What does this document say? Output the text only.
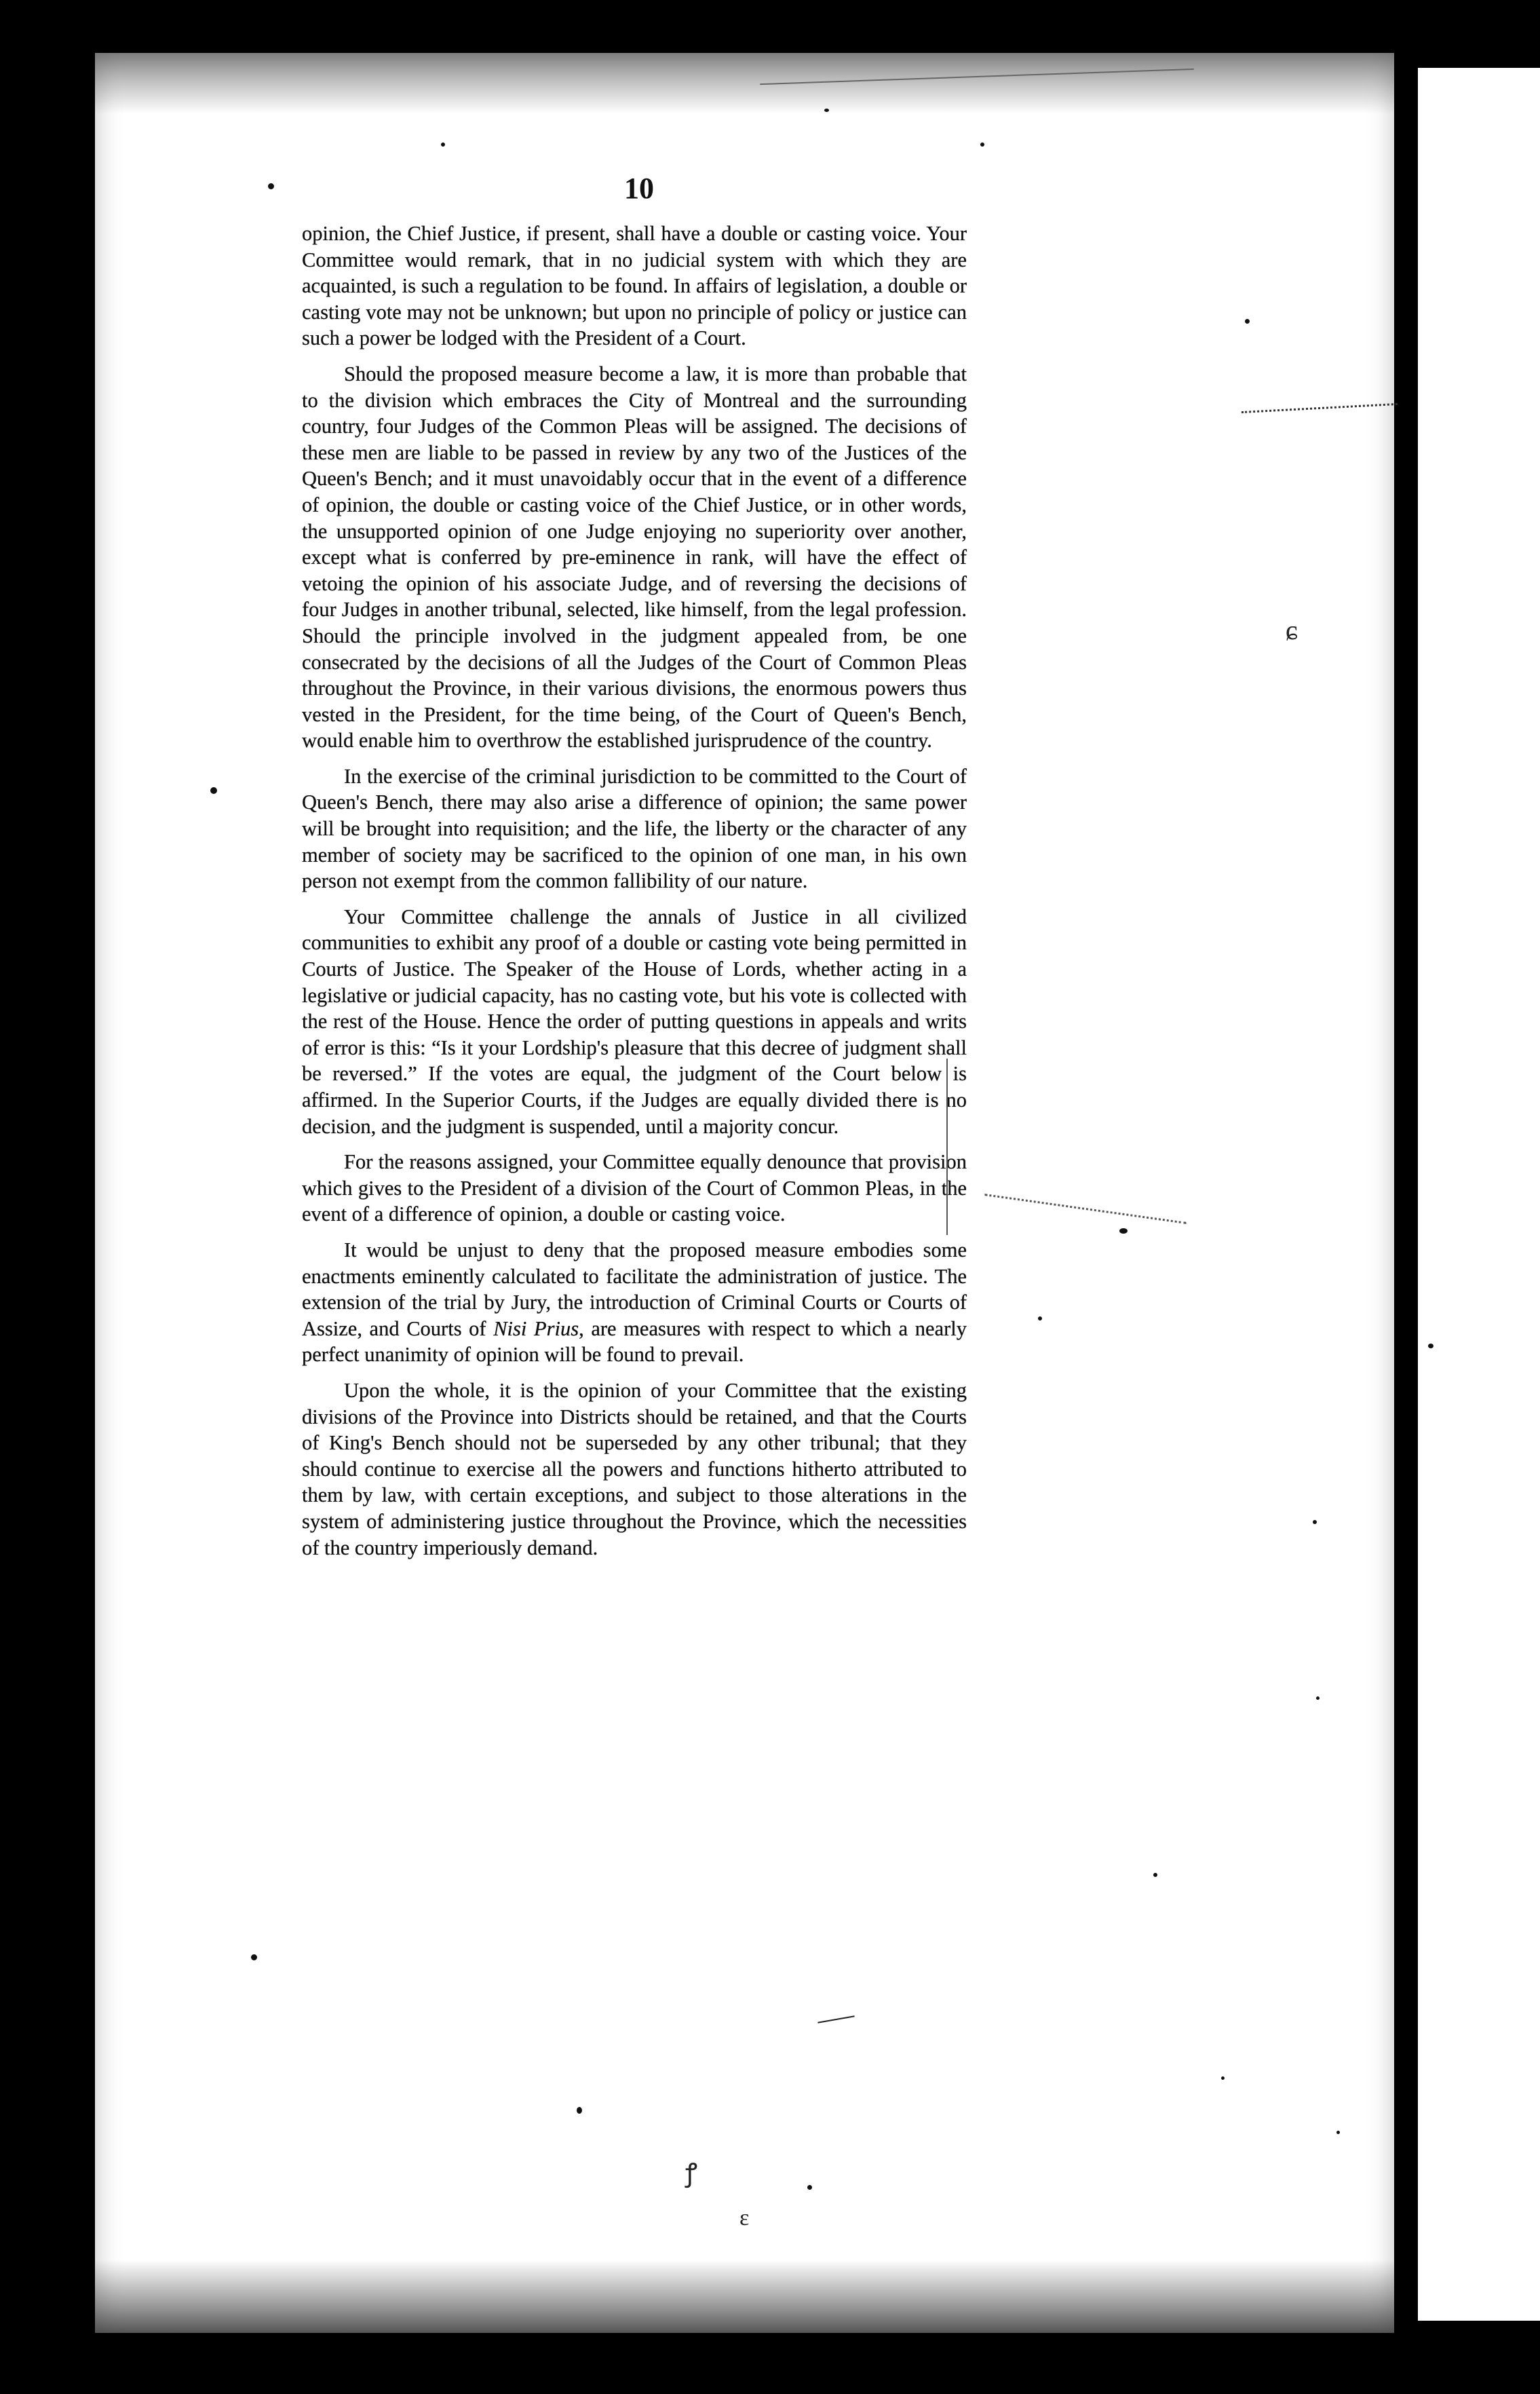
10

opinion, the Chief Justice, if present, shall have a double or casting voice. Your Committee would remark, that in no judicial system with which they are acquainted, is such a regulation to be found. In affairs of legislation, a double or casting vote may not be unknown; but upon no principle of policy or justice can such a power be lodged with the President of a Court.

Should the proposed measure become a law, it is more than probable that to the division which embraces the City of Montreal and the surrounding country, four Judges of the Common Pleas will be assigned. The decisions of these men are liable to be passed in review by any two of the Justices of the Queen's Bench; and it must unavoidably occur that in the event of a difference of opinion, the double or casting voice of the Chief Justice, or in other words, the unsupported opinion of one Judge enjoying no superiority over another, except what is conferred by pre-eminence in rank, will have the effect of vetoing the opinion of his associate Judge, and of reversing the decisions of four Judges in another tribunal, selected, like himself, from the legal profession. Should the principle involved in the judgment appealed from, be one consecrated by the decisions of all the Judges of the Court of Common Pleas throughout the Province, in their various divisions, the enormous powers thus vested in the President, for the time being, of the Court of Queen's Bench, would enable him to overthrow the established jurisprudence of the country.

In the exercise of the criminal jurisdiction to be committed to the Court of Queen's Bench, there may also arise a difference of opinion; the same power will be brought into requisition; and the life, the liberty or the character of any member of society may be sacrificed to the opinion of one man, in his own person not exempt from the common fallibility of our nature.

Your Committee challenge the annals of Justice in all civilized communities to exhibit any proof of a double or casting vote being permitted in Courts of Justice. The Speaker of the House of Lords, whether acting in a legislative or judicial capacity, has no casting vote, but his vote is collected with the rest of the House. Hence the order of putting questions in appeals and writs of error is this: “Is it your Lordship's pleasure that this decree of judgment shall be reversed.” If the votes are equal, the judgment of the Court below is affirmed. In the Superior Courts, if the Judges are equally divided there is no decision, and the judgment is suspended, until a majority concur.

For the reasons assigned, your Committee equally denounce that provision which gives to the President of a division of the Court of Common Pleas, in the event of a difference of opinion, a double or casting voice.

It would be unjust to deny that the proposed measure embodies some enactments eminently calculated to facilitate the administration of justice. The extension of the trial by Jury, the introduction of Criminal Courts or Courts of Assize, and Courts of Nisi Prius, are measures with respect to which a nearly perfect unanimity of opinion will be found to prevail.

Upon the whole, it is the opinion of your Committee that the existing divisions of the Province into Districts should be retained, and that the Courts of King's Bench should not be superseded by any other tribunal; that they should continue to exercise all the powers and functions hitherto attributed to them by law, with certain exceptions, and subject to those alterations in the system of administering justice throughout the Province, which the necessities of the country imperiously demand.

ɕ
ɛ
ꝭ
